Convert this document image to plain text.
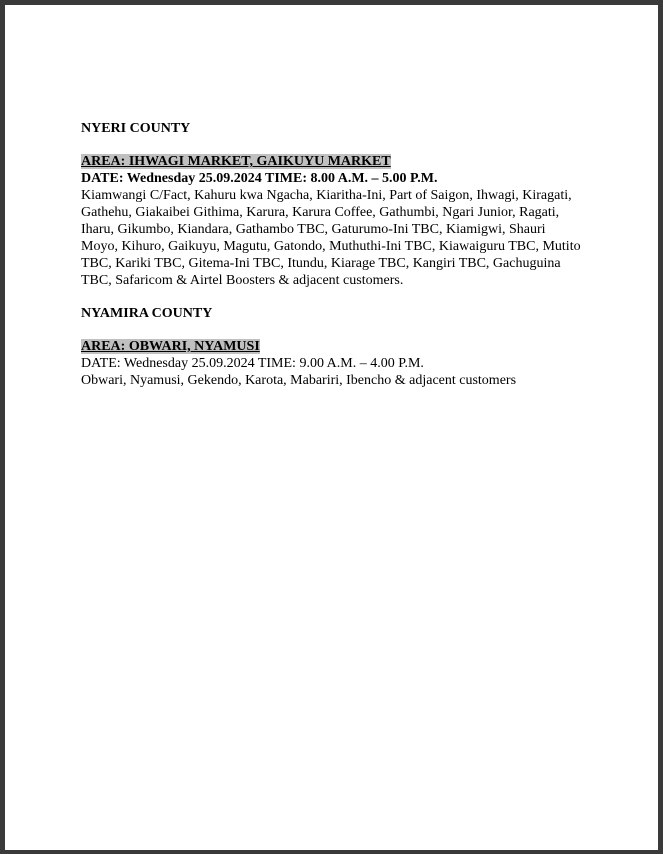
NYERI COUNTY

AREA: IHWAGI MARKET, GAIKUYU MARKET

DATE: Wednesday 25.09.2024 TIME: 8.00 A.M. – 5.00 P.M.

Kiamwangi C/Fact, Kahuru kwa Ngacha, Kiaritha-Ini, Part of Saigon, Ihwagi, Kiragati, Gathehu, Giakaibei Githima, Karura, Karura Coffee, Gathumbi, Ngari Junior, Ragati, Iharu, Gikumbo, Kiandara, Gathambo TBC, Gaturumo-Ini TBC, Kiamigwi, Shauri Moyo, Kihuro, Gaikuyu, Magutu, Gatondo, Muthuthi-Ini TBC, Kiawaiguru TBC, Mutito TBC, Kariki TBC, Gitema-Ini TBC, Itundu, Kiarage TBC, Kangiri TBC, Gachuguina TBC, Safaricom & Airtel Boosters & adjacent customers.

NYAMIRA COUNTY

AREA: OBWARI, NYAMUSI

DATE: Wednesday 25.09.2024 TIME: 9.00 A.M. – 4.00 P.M.

Obwari, Nyamusi, Gekendo, Karota, Mabariri, Ibencho & adjacent customers
